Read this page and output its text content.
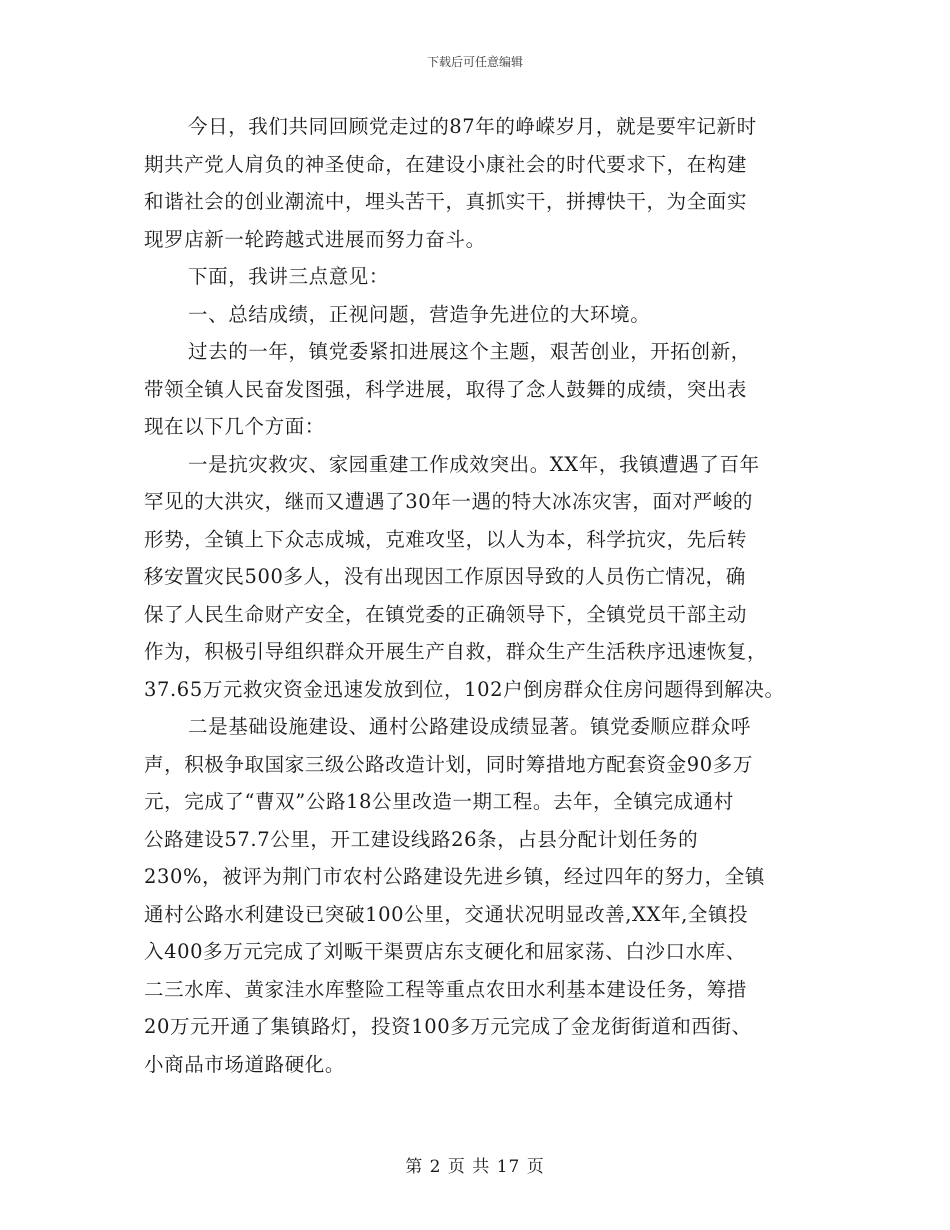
下载后可任意编辑
今日，我们共同回顾党走过的87年的峥嵘岁月，就是要牢记新时
期共产党人肩负的神圣使命，在建设小康社会的时代要求下，在构建
和谐社会的创业潮流中，埋头苦干，真抓实干，拼搏快干，为全面实
现罗店新一轮跨越式进展而努力奋斗。
下面，我讲三点意见：
一、总结成绩，正视问题，营造争先进位的大环境。
过去的一年，镇党委紧扣进展这个主题，艰苦创业，开拓创新，
带领全镇人民奋发图强，科学进展，取得了念人鼓舞的成绩，突出表
现在以下几个方面：
一是抗灾救灾、家园重建工作成效突出。XX年，我镇遭遇了百年
罕见的大洪灾，继而又遭遇了30年一遇的特大冰冻灾害，面对严峻的
形势，全镇上下众志成城，克难攻坚，以人为本，科学抗灾，先后转
移安置灾民500多人，没有出现因工作原因导致的人员伤亡情况，确
保了人民生命财产安全，在镇党委的正确领导下，全镇党员干部主动
作为，积极引导组织群众开展生产自救，群众生产生活秩序迅速恢复，
37.65万元救灾资金迅速发放到位，102户倒房群众住房问题得到解决。
二是基础设施建设、通村公路建设成绩显著。镇党委顺应群众呼
声，积极争取国家三级公路改造计划，同时筹措地方配套资金90多万
元，完成了“曹双”公路18公里改造一期工程。去年，全镇完成通村
公路建设57.7公里，开工建设线路26条，占县分配计划任务的
230%，被评为荆门市农村公路建设先进乡镇，经过四年的努力，全镇
通村公路水利建设已突破100公里，交通状况明显改善,XX年,全镇投
入400多万元完成了刘畈干渠贾店东支硬化和屈家荡、白沙口水库、
二三水库、黄家洼水库整险工程等重点农田水利基本建设任务，筹措
20万元开通了集镇路灯，投资100多万元完成了金龙街街道和西街、
小商品市场道路硬化。
第 2 页 共 17 页
